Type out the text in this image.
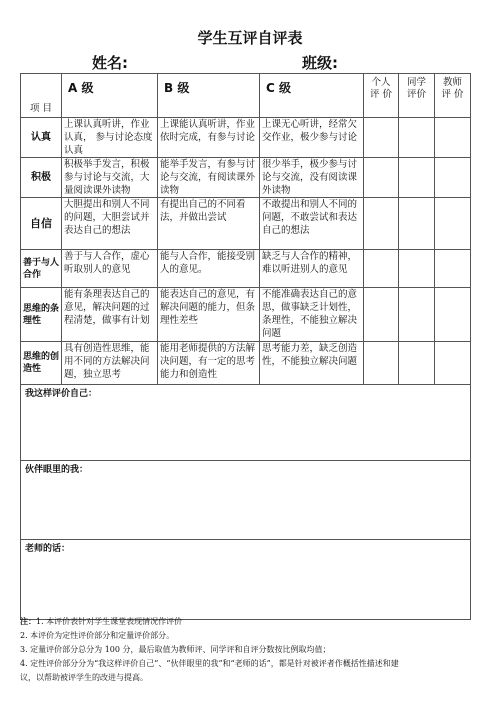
学生互评自评表
姓名:	班级:
项 目	A 级	B 级	C 级	个人 评 价	同学 评价	教师 评 价
认真	上课认真听讲，作业认真， 参与讨论态度认真	上课能认真听讲，作业依时完成，有参与讨论	上课无心听讲，经常欠交作业，极少参与讨论			
积极	积极举手发言，积极参与讨论与交流，大量阅读课外读物	能举手发言，有参与讨论与交流，有阅读课外读物	很少举手，极少参与讨论与交流，没有阅读课外读物			
自信	大胆提出和别人不同的问题，大胆尝试并表达自己的想法	有提出自己的不同看法，并做出尝试	不敢提出和别人不同的问题，不敢尝试和表达自己的想法			
善于与人合作	善于与人合作，虚心听取别人的意见	能与人合作，能接受别人的意见。	缺乏与人合作的精神，难以听进别人的意见			
思维的条理性	能有条理表达自己的意见，解决问题的过程清楚，做事有计划	能表达自己的意见，有解决问题的能力，但条理性差些	不能准确表达自己的意思，做事缺乏计划性，条理性，不能独立解决问题			
思维的创造性	具有创造性思维，能用不同的方法解决问题，独立思考	能用老师提供的方法解决问题，有一定的思考能力和创造性	思考能力差，缺乏创造性，不能独立解决问题			
我这样评价自己：						
伙伴眼里的我：						
老师的话：						
注：1. 本评价表针对学生课堂表现情况作评价
2. 本评价为定性评价部分和定量评价部分。
3. 定量评价部分总分为 100 分，最后取值为教师评、同学评和自评分数按比例取均值；
4. 定性评价部分分为“我这样评价自己”、“伙伴眼里的我”和“老师的话”，都是针对被评者作概括性描述和建
议，以帮助被评学生的改进与提高。
